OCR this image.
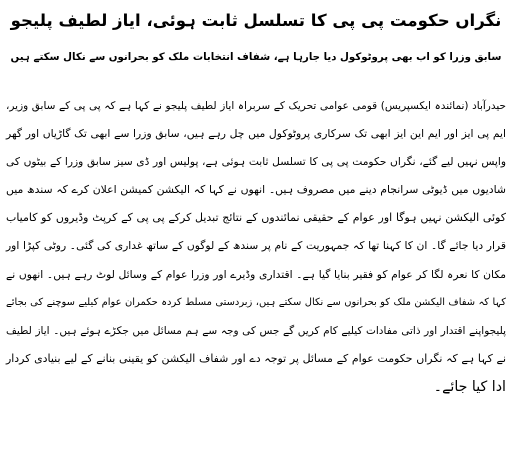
نگراں حکومت پی پی کا تسلسل ثابت ہوئی، ایاز لطیف پلیجو
سابق وزرا کو اب بھی پروٹوکول دیا جارہا ہے، شفاف انتخابات ملک کو بحرانوں سے نکال سکتے ہیں
حیدرآباد (نمائندہ ایکسپریس) قومی عوامی تحریک کے سربراہ ایاز لطیف پلیجو نے کہا ہے کہ پی پی کے سابق وزیر،
ایم پی ایز اور ایم این ایز ابھی تک سرکاری پروٹوکول میں چل رہے ہیں، سابق وزرا سے ابھی تک گاڑیاں اور گھر
واپس نہیں لیے گئے، نگراں حکومت پی پی کا تسلسل ثابت ہوئی ہے، پولیس اور ڈی سیز سابق وزرا کے بیٹوں کی
شادیوں میں ڈیوٹی سرانجام دینے میں مصروف ہیں۔ انھوں نے کہا کہ الیکشن کمیشن اعلان کرے کہ سندھ میں
کوئی الیکشن نہیں ہوگا اور عوام کے حقیقی نمائندوں کے نتائج تبدیل کرکے پی پی کے کرپٹ وڈیروں کو کامیاب
قرار دیا جائے گا۔ ان کا کہنا تھا کہ جمہوریت کے نام پر سندھ کے لوگوں کے ساتھ غداری کی گئی۔ روٹی کپڑا اور
مکان کا نعرہ لگا کر عوام کو فقیر بنایا گیا ہے۔ اقتداری وڈیرے اور وزرا عوام کے وسائل لوٹ رہے ہیں۔ انھوں نے
کہا کہ شفاف الیکشن ملک کو بحرانوں سے نکال سکتے ہیں، زبردستی مسلط کردہ حکمران عوام کیلیے سوچنے کی بجائے
پلیجواپنے اقتدار اور ذاتی مفادات کیلیے کام کریں گے جس کی وجہ سے ہم مسائل میں جکڑے ہوئے ہیں۔ ایاز لطیف
نے کہا ہے کہ نگراں حکومت عوام کے مسائل پر توجہ دے اور شفاف الیکشن کو یقینی بنانے کے لیے بنیادی کردار
ادا کیا جائے۔
